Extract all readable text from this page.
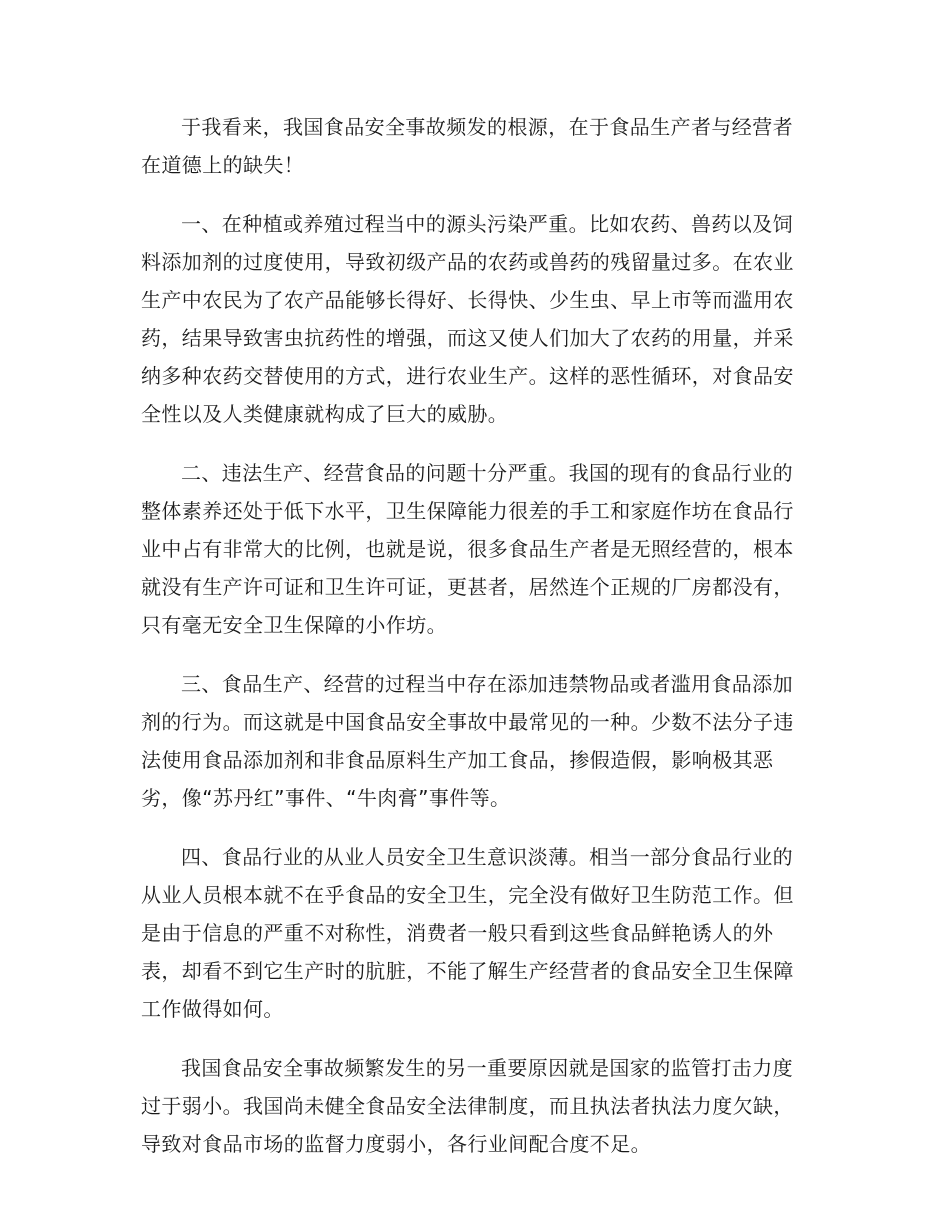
于我看来，我国食品安全事故频发的根源，在于食品生产者与经营者在道德上的缺失！

一、在种植或养殖过程当中的源头污染严重。比如农药、兽药以及饲料添加剂的过度使用，导致初级产品的农药或兽药的残留量过多。在农业生产中农民为了农产品能够长得好、长得快、少生虫、早上市等而滥用农药，结果导致害虫抗药性的增强，而这又使人们加大了农药的用量，并采纳多种农药交替使用的方式，进行农业生产。这样的恶性循环，对食品安全性以及人类健康就构成了巨大的威胁。

二、违法生产、经营食品的问题十分严重。我国的现有的食品行业的整体素养还处于低下水平，卫生保障能力很差的手工和家庭作坊在食品行业中占有非常大的比例，也就是说，很多食品生产者是无照经营的，根本就没有生产许可证和卫生许可证，更甚者，居然连个正规的厂房都没有，只有毫无安全卫生保障的小作坊。

三、食品生产、经营的过程当中存在添加违禁物品或者滥用食品添加剂的行为。而这就是中国食品安全事故中最常见的一种。少数不法分子违法使用食品添加剂和非食品原料生产加工食品，掺假造假，影响极其恶劣，像“苏丹红”事件、“牛肉膏”事件等。

四、食品行业的从业人员安全卫生意识淡薄。相当一部分食品行业的从业人员根本就不在乎食品的安全卫生，完全没有做好卫生防范工作。但是由于信息的严重不对称性，消费者一般只看到这些食品鲜艳诱人的外表，却看不到它生产时的肮脏，不能了解生产经营者的食品安全卫生保障工作做得如何。

我国食品安全事故频繁发生的另一重要原因就是国家的监管打击力度过于弱小。我国尚未健全食品安全法律制度，而且执法者执法力度欠缺，导致对食品市场的监督力度弱小，各行业间配合度不足。
